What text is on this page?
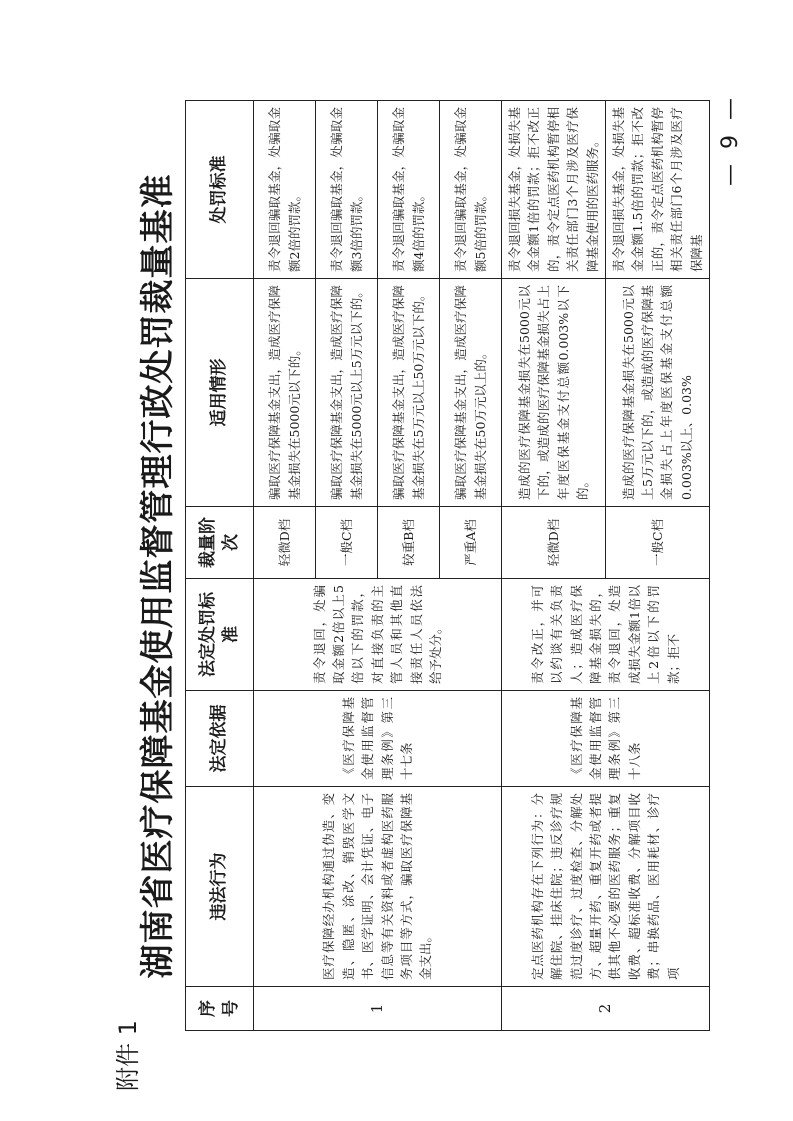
附件 1
湖南省医疗保障基金使用监督管理行政处罚裁量基准
— 9 —
序号	违法行为	法定依据	法定处罚标准	裁量阶次	适用情形	处罚标准
1	医疗保障经办机构通过伪造、变造、隐匿、涂改、销毁医学文书、医学证明、会计凭证、电子信息等有关资料或者虚构医药服务项目等方式，骗取医疗保障基金支出。	《医疗保障基金使用监督管理条例》第三十七条	责令退回，处骗取金额2倍以上5倍以下的罚款，对直接负责的主管人员和其他直接责任人员依法给予处分。	轻微D档	骗取医疗保障基金支出，造成医疗保障基金损失在5000元以下的。	责令退回骗取基金，处骗取金额2倍的罚款。
				一般C档	骗取医疗保障基金支出，造成医疗保障基金损失在5000元以上5万元以下的。	责令退回骗取基金，处骗取金额3倍的罚款。
				较重B档	骗取医疗保障基金支出，造成医疗保障基金损失在5万元以上50万元以下的。	责令退回骗取基金，处骗取金额4倍的罚款。
				严重A档	骗取医疗保障基金支出，造成医疗保障基金损失在50万元以上的。	责令退回骗取基金，处骗取金额5倍的罚款。
2	定点医药机构存在下列行为：分解住院、挂床住院；违反诊疗规范过度诊疗、过度检查、分解处方、超量开药、重复开药或者提供其他不必要的医药服务；重复收费、超标准收费、分解项目收费；串换药品、医用耗材、诊疗项	《医疗保障基金使用监督管理条例》第三十八条	责令改正，并可以约谈有关负责人；造成医疗保障基金损失的，责令退回，处造成损失金额1倍以上2倍以下的罚款；拒不	轻微D档	造成的医疗保障基金损失在5000元以下的，或造成的医疗保障基金损失占上年度医保基金支付总额0.003%以下的。	责令退回损失基金，处损失基金金额1倍的罚款；拒不改正的，责令定点医药机构暂停相关责任部门3个月涉及医疗保障基金使用的医药服务。
				一般C档	造成的医疗保障基金损失在5000元以上5万元以下的，或造成的医疗保障基金损失占上年度医保基金支付总额0.003%以上、0.03%	责令退回损失基金，处损失基金金额1.5倍的罚款；拒不改正的，责令定点医药机构暂停相关责任部门6个月涉及医疗保障基
